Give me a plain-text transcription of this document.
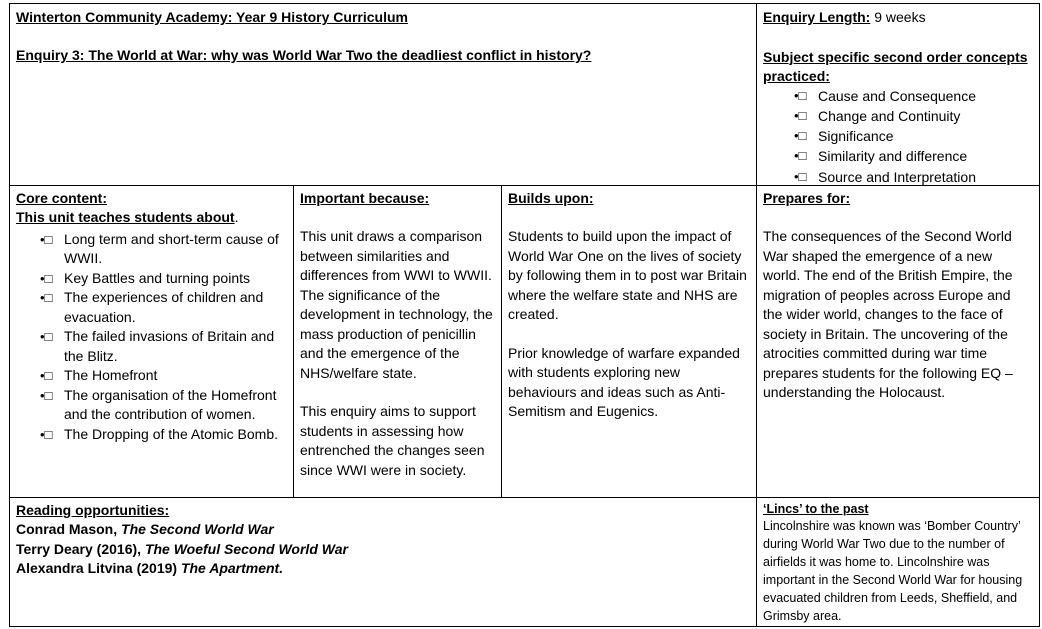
Winterton Community Academy: Year 9 History Curriculum

Enquiry 3: The World at War: why was World War Two the deadliest conflict in history?

Enquiry Length: 9 weeks

Subject specific second order concepts practiced:

•□ Cause and Consequence
•□ Change and Continuity
•□ Significance
•□ Similarity and difference
•□ Source and Interpretation

Core content:

This unit teaches students about.

•□ Long term and short-term cause of WWII.
•□ Key Battles and turning points
•□ The experiences of children and evacuation.
•□ The failed invasions of Britain and the Blitz.
•□ The Homefront
•□ The organisation of the Homefront and the contribution of women.
•□ The Dropping of the Atomic Bomb.

Important because:

This unit draws a comparison between similarities and differences from WWI to WWII. The significance of the development in technology, the mass production of penicillin and the emergence of the NHS/welfare state.

This enquiry aims to support students in assessing how entrenched the changes seen since WWI were in society.

Builds upon:

Students to build upon the impact of World War One on the lives of society by following them in to post war Britain where the welfare state and NHS are created.

Prior knowledge of warfare expanded with students exploring new behaviours and ideas such as Anti-Semitism and Eugenics.

Prepares for:

The consequences of the Second World War shaped the emergence of a new world. The end of the British Empire, the migration of peoples across Europe and the wider world, changes to the face of society in Britain. The uncovering of the atrocities committed during war time prepares students for the following EQ – understanding the Holocaust.

Reading opportunities:

Conrad Mason, The Second World War

Terry Deary (2016), The Woeful Second World War

Alexandra Litvina (2019) The Apartment.

‘Lincs’ to the past

Lincolnshire was known was ‘Bomber Country’ during World War Two due to the number of airfields it was home to. Lincolnshire was important in the Second World War for housing evacuated children from Leeds, Sheffield, and Grimsby area.
